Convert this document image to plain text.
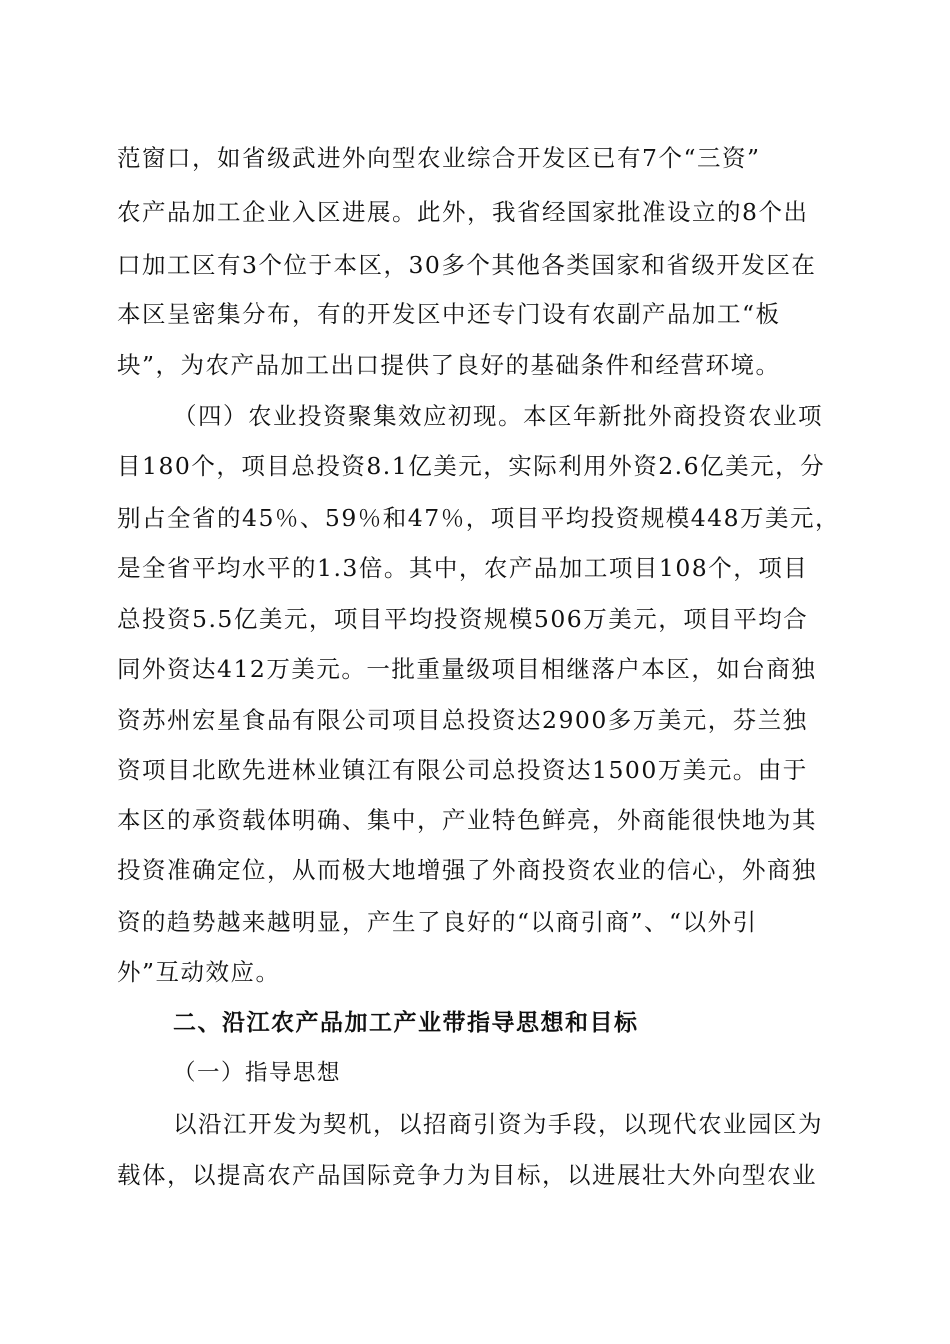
范窗口，如省级武进外向型农业综合开发区已有7个“三资”
农产品加工企业入区进展。此外，我省经国家批准设立的8个出
口加工区有3个位于本区，30多个其他各类国家和省级开发区在
本区呈密集分布，有的开发区中还专门设有农副产品加工“板
块”，为农产品加工出口提供了良好的基础条件和经营环境。
（四）农业投资聚集效应初现。本区年新批外商投资农业项
目180个，项目总投资8.1亿美元，实际利用外资2.6亿美元，分
别占全省的45％、59％和47％，项目平均投资规模448万美元，
是全省平均水平的1.3倍。其中，农产品加工项目108个，项目
总投资5.5亿美元，项目平均投资规模506万美元，项目平均合
同外资达412万美元。一批重量级项目相继落户本区，如台商独
资苏州宏星食品有限公司项目总投资达2900多万美元，芬兰独
资项目北欧先进林业镇江有限公司总投资达1500万美元。由于
本区的承资载体明确、集中，产业特色鲜亮，外商能很快地为其
投资准确定位，从而极大地增强了外商投资农业的信心，外商独
资的趋势越来越明显，产生了良好的“以商引商”、“以外引
外”互动效应。
二、沿江农产品加工产业带指导思想和目标
（一）指导思想
以沿江开发为契机，以招商引资为手段，以现代农业园区为
载体，以提高农产品国际竞争力为目标，以进展壮大外向型农业
